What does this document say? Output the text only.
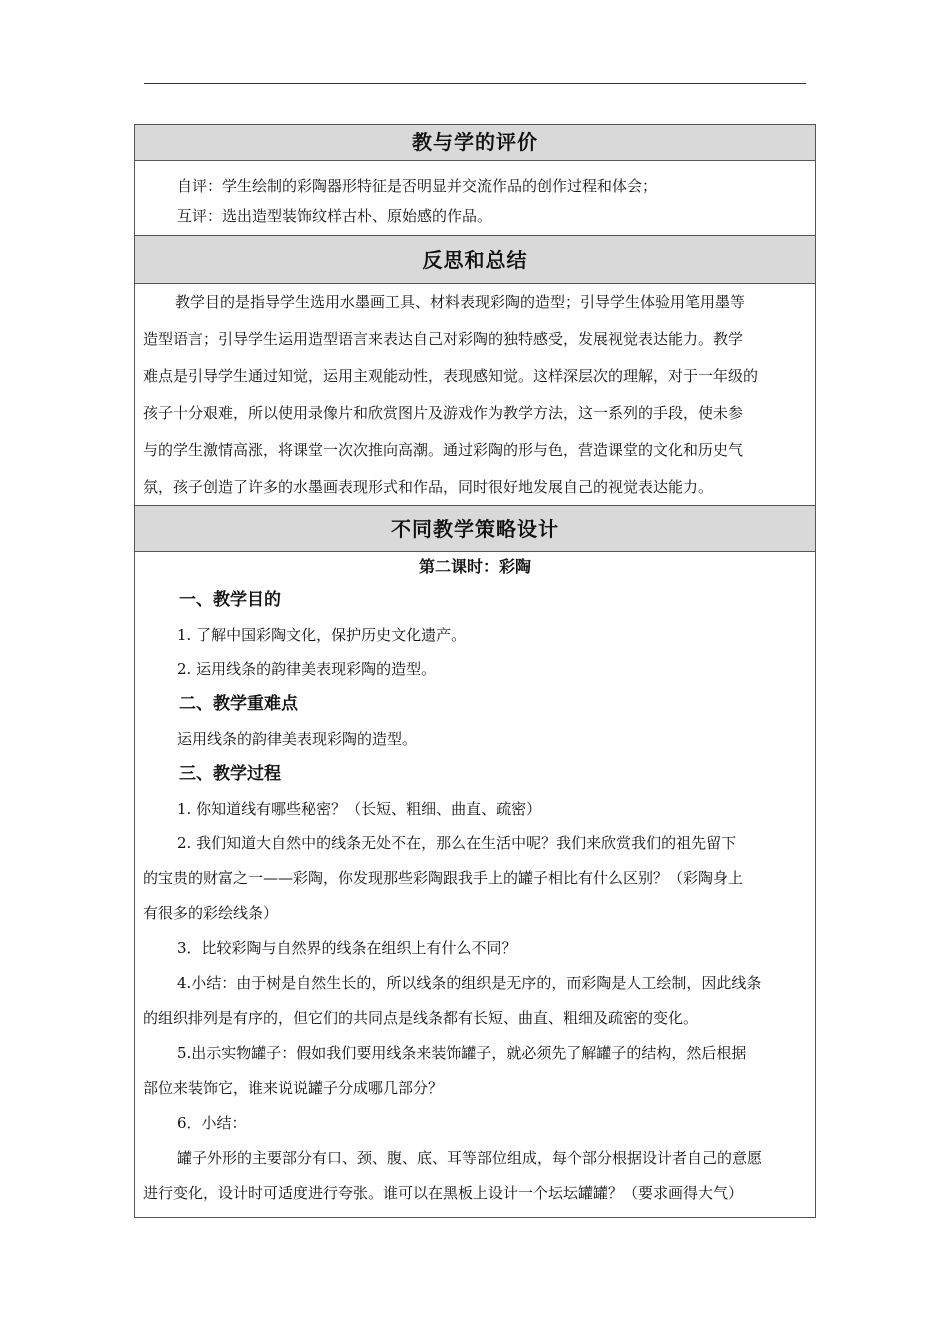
教与学的评价

自评：学生绘制的彩陶器形特征是否明显并交流作品的创作过程和体会；

互评：选出造型装饰纹样古朴、原始感的作品。

反思和总结

教学目的是指导学生选用水墨画工具、材料表现彩陶的造型；引导学生体验用笔用墨等

造型语言；引导学生运用造型语言来表达自己对彩陶的独特感受，发展视觉表达能力。教学

难点是引导学生通过知觉，运用主观能动性，表现感知觉。这样深层次的理解，对于一年级的

孩子十分艰难，所以使用录像片和欣赏图片及游戏作为教学方法，这一系列的手段，使未参

与的学生激情高涨，将课堂一次次推向高潮。通过彩陶的形与色，营造课堂的文化和历史气

氛，孩子创造了许多的水墨画表现形式和作品，同时很好地发展自己的视觉表达能力。

不同教学策略设计
第二课时：彩陶
一、教学目的

1. 了解中国彩陶文化，保护历史文化遗产。

2. 运用线条的韵律美表现彩陶的造型。

二、教学重难点

运用线条的韵律美表现彩陶的造型。

三、教学过程

1. 你知道线有哪些秘密？（长短、粗细、曲直、疏密）

2. 我们知道大自然中的线条无处不在，那么在生活中呢？我们来欣赏我们的祖先留下

的宝贵的财富之一——彩陶，你发现那些彩陶跟我手上的罐子相比有什么区别？（彩陶身上

有很多的彩绘线条）

3．比较彩陶与自然界的线条在组织上有什么不同？

4.小结：由于树是自然生长的，所以线条的组织是无序的，而彩陶是人工绘制，因此线条

的组织排列是有序的，但它们的共同点是线条都有长短、曲直、粗细及疏密的变化。

5.出示实物罐子：假如我们要用线条来装饰罐子，就必须先了解罐子的结构，然后根据

部位来装饰它，谁来说说罐子分成哪几部分？

6．小结：

罐子外形的主要部分有口、颈、腹、底、耳等部位组成，每个部分根据设计者自己的意愿

进行变化，设计时可适度进行夸张。谁可以在黑板上设计一个坛坛罐罐？（要求画得大气）
